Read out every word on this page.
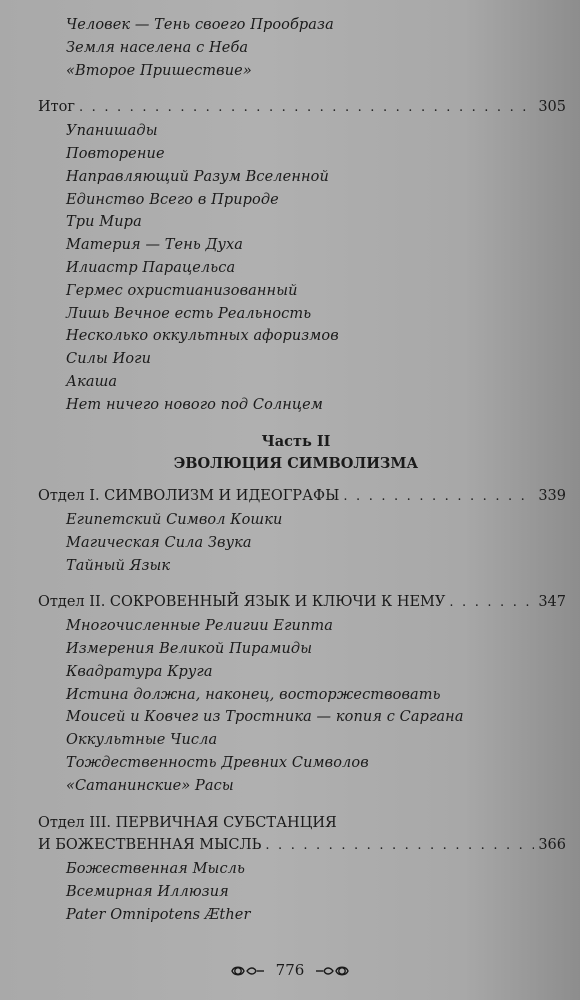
Человек — Тень своего Прообраза
Земля населена с Неба
«Второе Пришествие»
Итог . . .	305
Упанишады
Повторение
Направляющий Разум Вселенной
Единство Всего в Природе
Три Мира
Материя — Тень Духа
Илиастр Парацельса
Гермес охристианизованный
Лишь Вечное есть Реальность
Несколько оккультных афоризмов
Силы Иоги
Акаша
Нет ничего нового под Солнцем
Часть II
ЭВОЛЮЦИЯ СИМВОЛИЗМА
Отдел I. СИМВОЛИЗМ И ИДЕОГРАФЫ . . .	339
Египетский Символ Кошки
Магическая Сила Звука
Тайный Язык
Отдел II. СОКРОВЕННЫЙ ЯЗЫК И КЛЮЧИ К НЕМУ . . .	347
Многочисленные Религии Египта
Измерения Великой Пирамиды
Квадратура Круга
Истина должна, наконец, восторжествовать
Моисей и Ковчег из Тростника — копия с Саргана
Оккультные Числа
Тождественность Древних Символов
«Сатанинские» Расы
Отдел III. ПЕРВИЧНАЯ СУБСТАНЦИЯ
И БОЖЕСТВЕННАЯ МЫСЛЬ . . .	366
Божественная Мысль
Всемирная Иллюзия
Pater Omnipotens Æther
776
